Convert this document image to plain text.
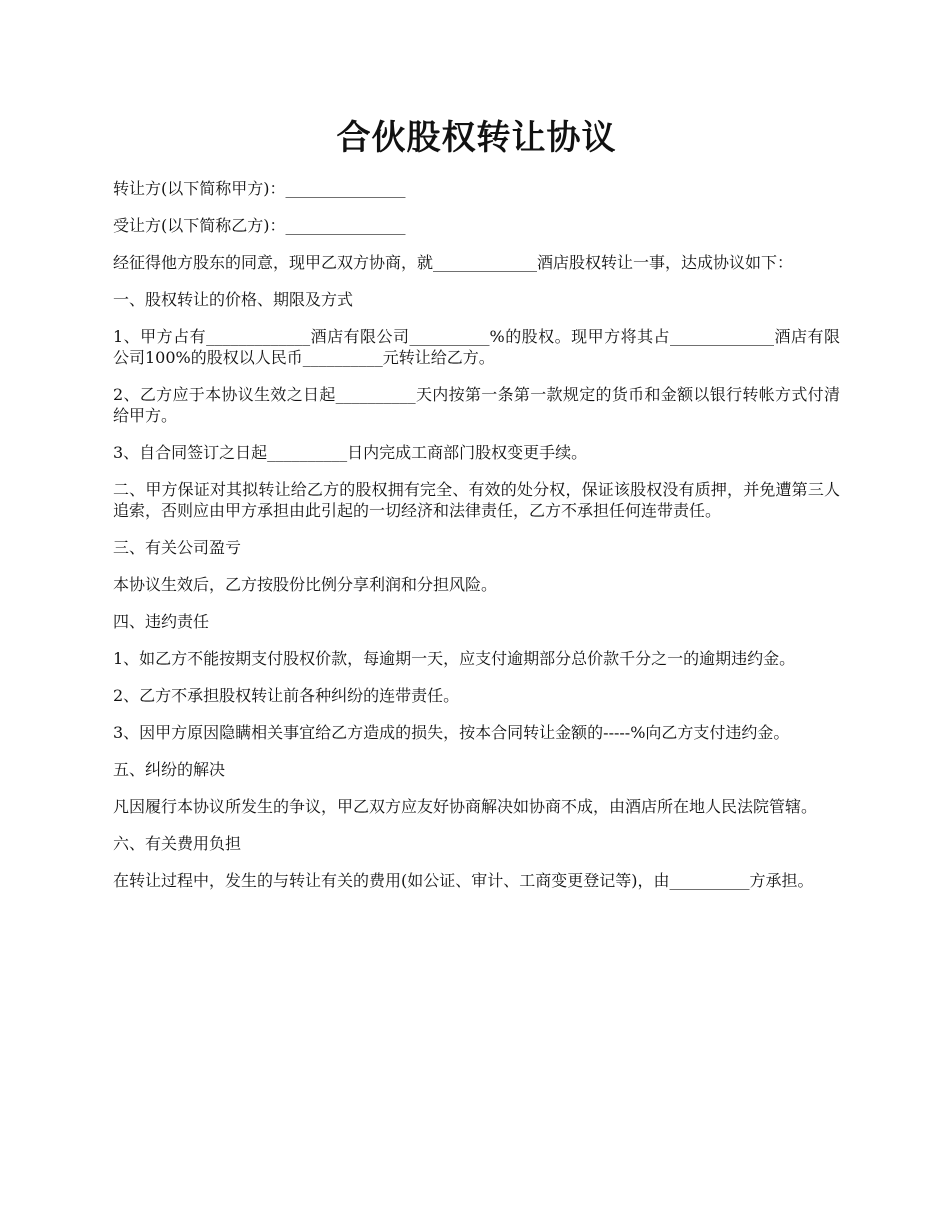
合伙股权转让协议

转让方(以下简称甲方)：_______________

受让方(以下简称乙方)：_______________

经征得他方股东的同意，现甲乙双方协商，就_____________酒店股权转让一事，达成协议如下：

一、股权转让的价格、期限及方式

1、甲方占有_____________酒店有限公司__________%的股权。现甲方将其占_____________酒店有限公司100%的股权以人民币__________元转让给乙方。

2、乙方应于本协议生效之日起__________天内按第一条第一款规定的货币和金额以银行转帐方式付清给甲方。

3、自合同签订之日起__________日内完成工商部门股权变更手续。

二、甲方保证对其拟转让给乙方的股权拥有完全、有效的处分权，保证该股权没有质押，并免遭第三人追索，否则应由甲方承担由此引起的一切经济和法律责任，乙方不承担任何连带责任。

三、有关公司盈亏

本协议生效后，乙方按股份比例分享利润和分担风险。

四、违约责任

1、如乙方不能按期支付股权价款，每逾期一天，应支付逾期部分总价款千分之一的逾期违约金。

2、乙方不承担股权转让前各种纠纷的连带责任。

3、因甲方原因隐瞒相关事宜给乙方造成的损失，按本合同转让金额的-----%向乙方支付违约金。

五、纠纷的解决

凡因履行本协议所发生的争议，甲乙双方应友好协商解决如协商不成，由酒店所在地人民法院管辖。

六、有关费用负担

在转让过程中，发生的与转让有关的费用(如公证、审计、工商变更登记等)，由__________方承担。
